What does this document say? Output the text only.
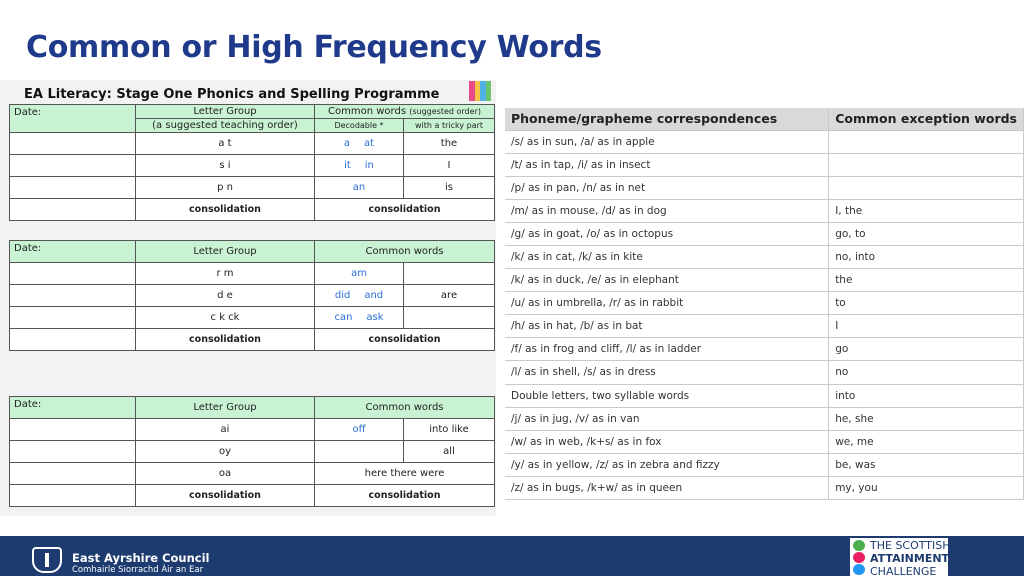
Common or High Frequency Words
EA Literacy: Stage One Phonics and Spelling Programme
Date:	Letter Group	Common words (suggested order)	
	(a suggested teaching order)	Decodable *	with a tricky part
	a t	a at	the
	s i	it in	I
	p n	an	is
	consolidation	consolidation	
Date:	Letter Group	Common words	
	r m	am	
	d e	did and	are
	c k ck	can ask	
	consolidation	consolidation	
Date:	Letter Group	Common words	
	ai	off	into like
	oy		all
	oa	here there were	
	consolidation	consolidation	
Phoneme/grapheme correspondences	Common exception words
/s/ as in sun, /a/ as in apple	
/t/ as in tap, /i/ as in insect	
/p/ as in pan, /n/ as in net	
/m/ as in mouse, /d/ as in dog	I, the
/g/ as in goat, /o/ as in octopus	go, to
/k/ as in cat, /k/ as in kite	no, into
/k/ as in duck, /e/ as in elephant	the
/u/ as in umbrella, /r/ as in rabbit	to
/h/ as in hat, /b/ as in bat	I
/f/ as in frog and cliff, /l/ as in ladder	go
/l/ as in shell, /s/ as in dress	no
Double letters, two syllable words	into
/j/ as in jug, /v/ as in van	he, she
/w/ as in web, /k+s/ as in fox	we, me
/y/ as in yellow, /z/ as in zebra and fizzy	be, was
/z/ as in bugs, /k+w/ as in queen	my, you
East Ayrshire Council
Comhairle Siorrachd Àir an Ear
THE SCOTTISH
ATTAINMENT
CHALLENGE
